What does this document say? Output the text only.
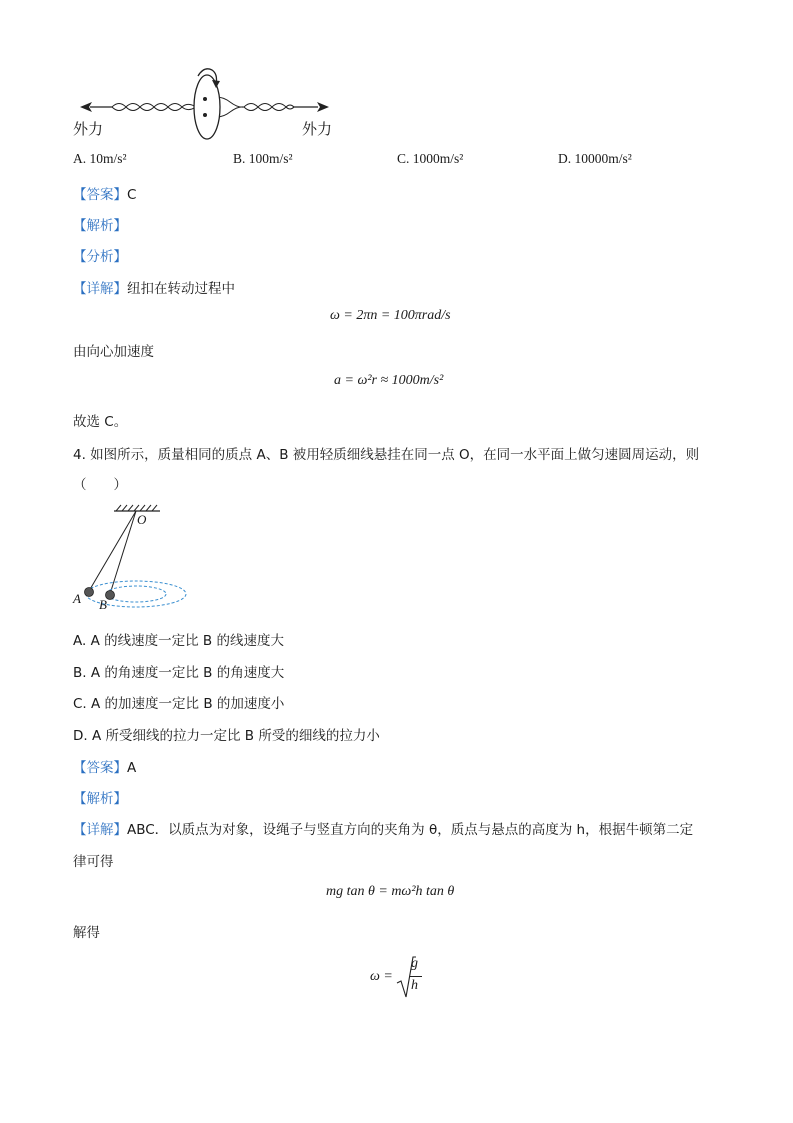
外力	外力
A. 10m/s²	B. 100m/s²	C. 1000m/s²	D. 10000m/s²
【答案】C
【解析】
【分析】
【详解】纽扣在转动过程中
ω = 2πn = 100πrad/s
由向心加速度
a = ω²r ≈ 1000m/s²
故选 C。
4. 如图所示，质量相同的质点 A、B 被用轻质细线悬挂在同一点 O，在同一水平面上做匀速圆周运动，则
（　　）
O
A B
A. A 的线速度一定比 B 的线速度大
B. A 的角速度一定比 B 的角速度大
C. A 的加速度一定比 B 的加速度小
D. A 所受细线的拉力一定比 B 所受的细线的拉力小
【答案】A
【解析】
【详解】ABC．以质点为对象，设绳子与竖直方向的夹角为 θ，质点与悬点的高度为 h，根据牛顿第二定
律可得
mg tan θ = mω²h tan θ
解得
ω =
g
h
